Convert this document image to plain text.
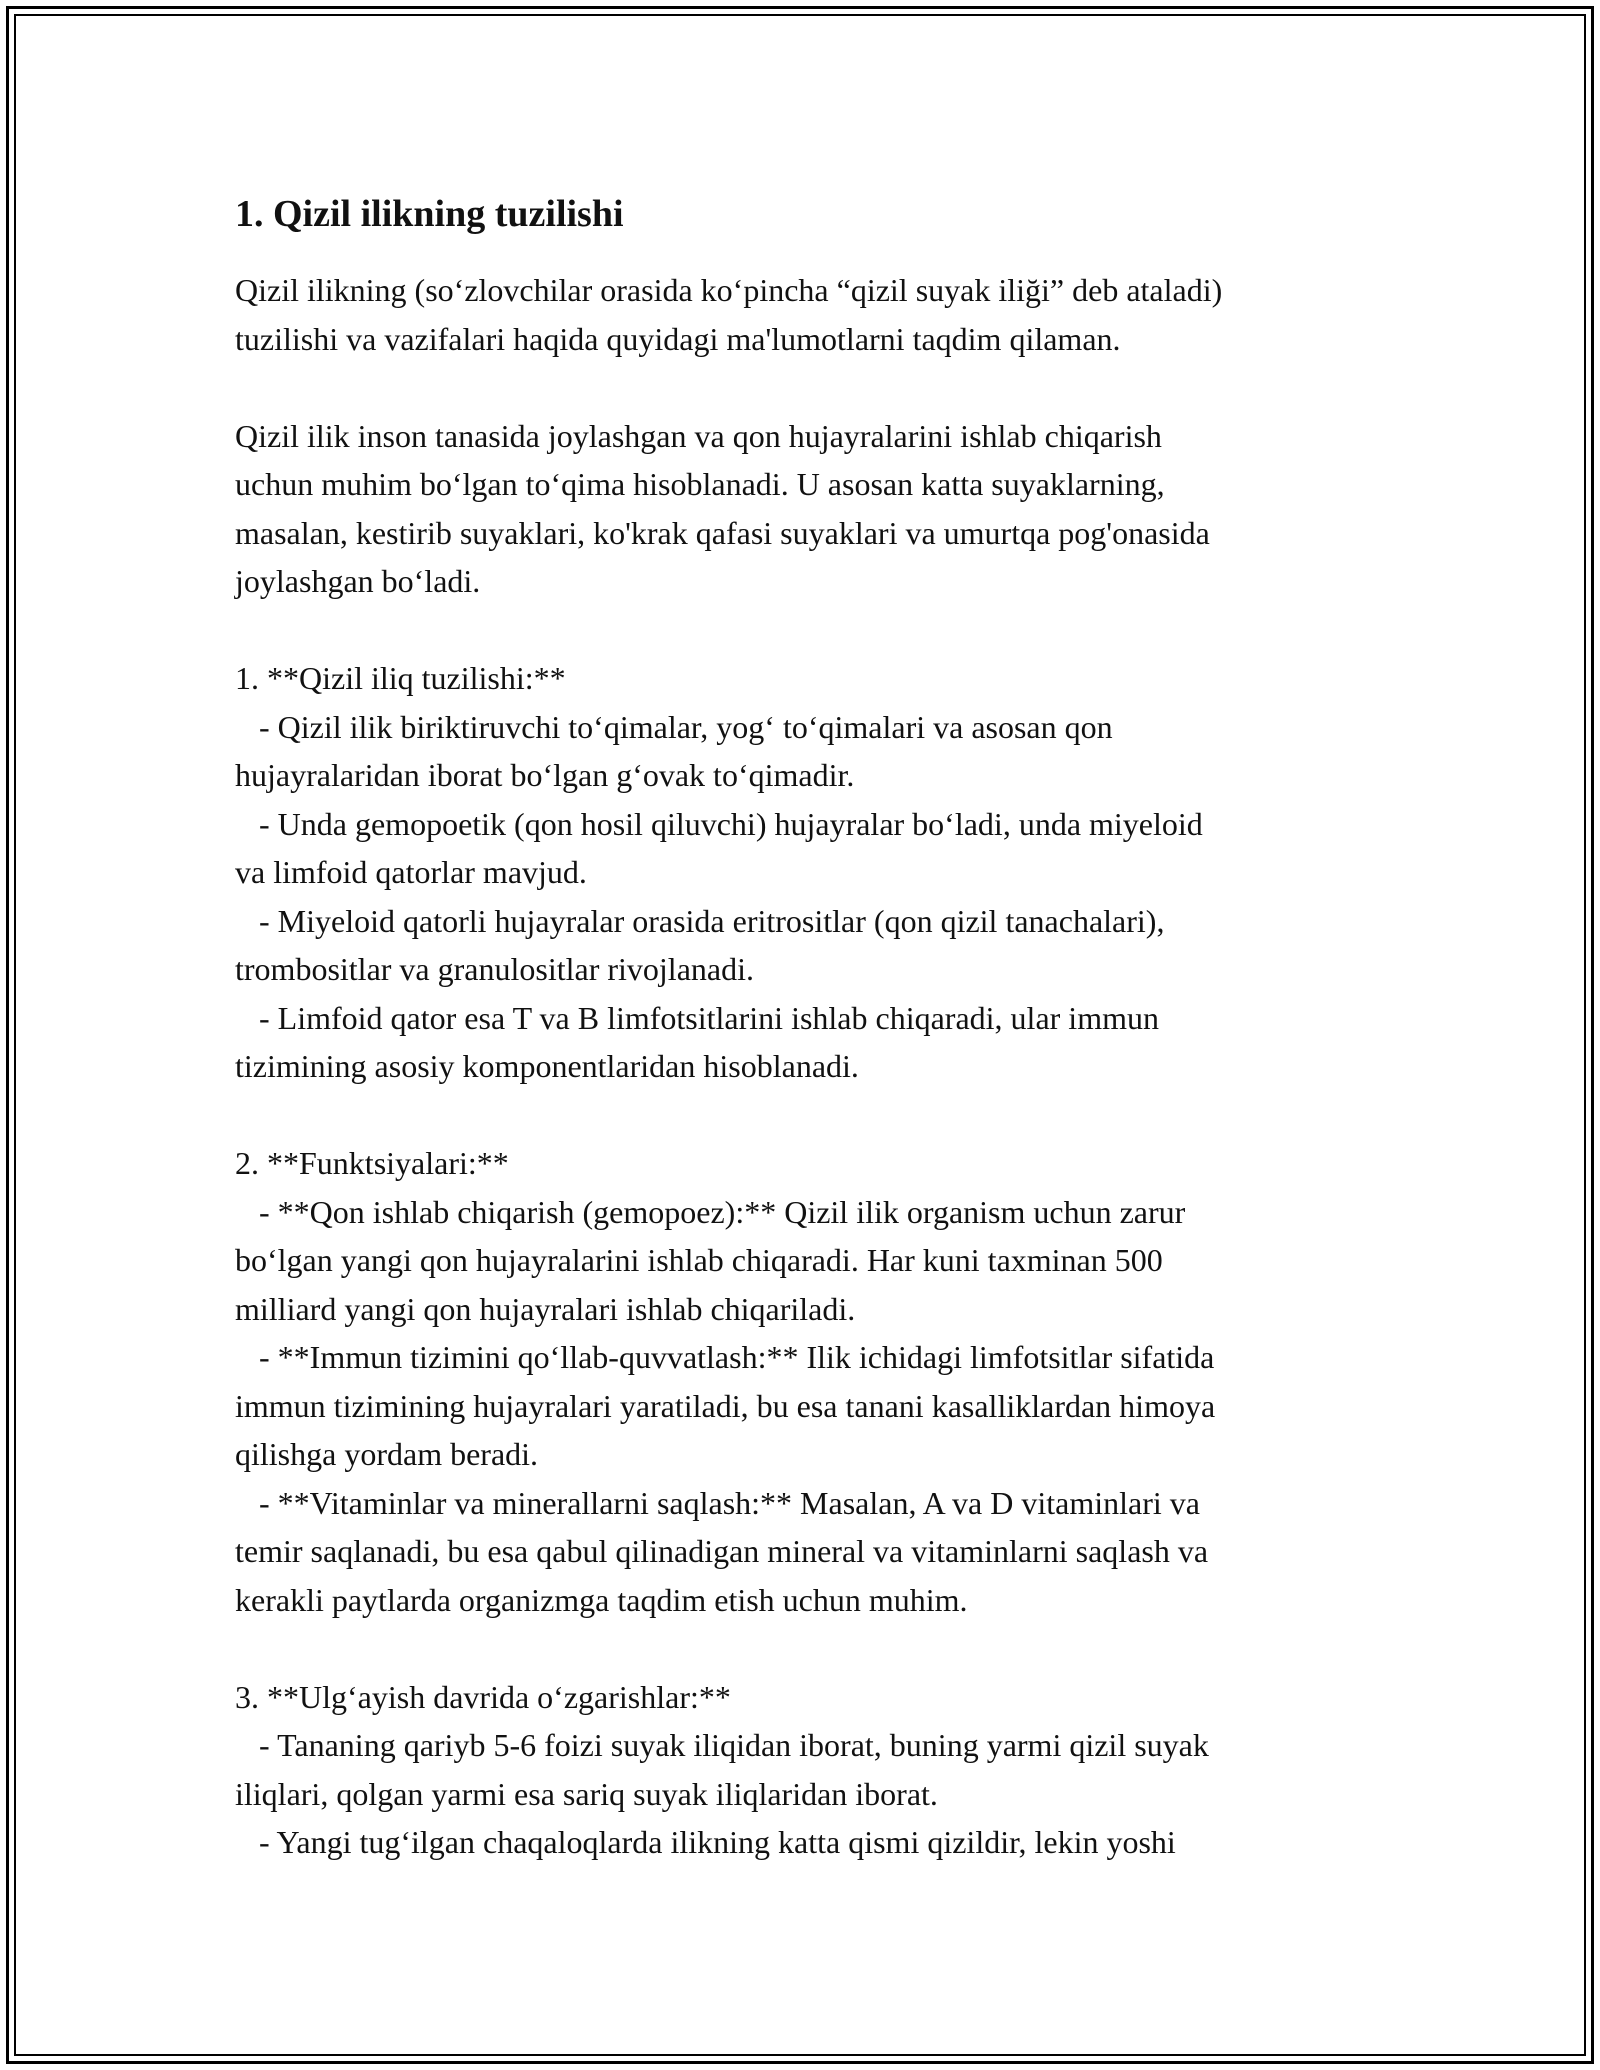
1. Qizil ilikning tuzilishi
Qizil ilikning (so‘zlovchilar orasida ko‘pincha “qizil suyak iliği” deb ataladi)
tuzilishi va vazifalari haqida quyidagi ma'lumotlarni taqdim qilaman.
Qizil ilik inson tanasida joylashgan va qon hujayralarini ishlab chiqarish
uchun muhim bo‘lgan to‘qima hisoblanadi. U asosan katta suyaklarning,
masalan, kestirib suyaklari, ko'krak qafasi suyaklari va umurtqa pog'onasida
joylashgan bo‘ladi.
1. **Qizil iliq tuzilishi:**
- Qizil ilik biriktiruvchi to‘qimalar, yog‘ to‘qimalari va asosan qon
hujayralaridan iborat bo‘lgan g‘ovak to‘qimadir.
- Unda gemopoetik (qon hosil qiluvchi) hujayralar bo‘ladi, unda miyeloid
va limfoid qatorlar mavjud.
- Miyeloid qatorli hujayralar orasida eritrositlar (qon qizil tanachalari),
trombositlar va granulositlar rivojlanadi.
- Limfoid qator esa T va B limfotsitlarini ishlab chiqaradi, ular immun
tizimining asosiy komponentlaridan hisoblanadi.
2. **Funktsiyalari:**
- **Qon ishlab chiqarish (gemopoez):** Qizil ilik organism uchun zarur
bo‘lgan yangi qon hujayralarini ishlab chiqaradi. Har kuni taxminan 500
milliard yangi qon hujayralari ishlab chiqariladi.
- **Immun tizimini qo‘llab-quvvatlash:** Ilik ichidagi limfotsitlar sifatida
immun tizimining hujayralari yaratiladi, bu esa tanani kasalliklardan himoya
qilishga yordam beradi.
- **Vitaminlar va minerallarni saqlash:** Masalan, A va D vitaminlari va
temir saqlanadi, bu esa qabul qilinadigan mineral va vitaminlarni saqlash va
kerakli paytlarda organizmga taqdim etish uchun muhim.
3. **Ulg‘ayish davrida o‘zgarishlar:**
- Tananing qariyb 5-6 foizi suyak iliqidan iborat, buning yarmi qizil suyak
iliqlari, qolgan yarmi esa sariq suyak iliqlaridan iborat.
- Yangi tug‘ilgan chaqaloqlarda ilikning katta qismi qizildir, lekin yoshi
